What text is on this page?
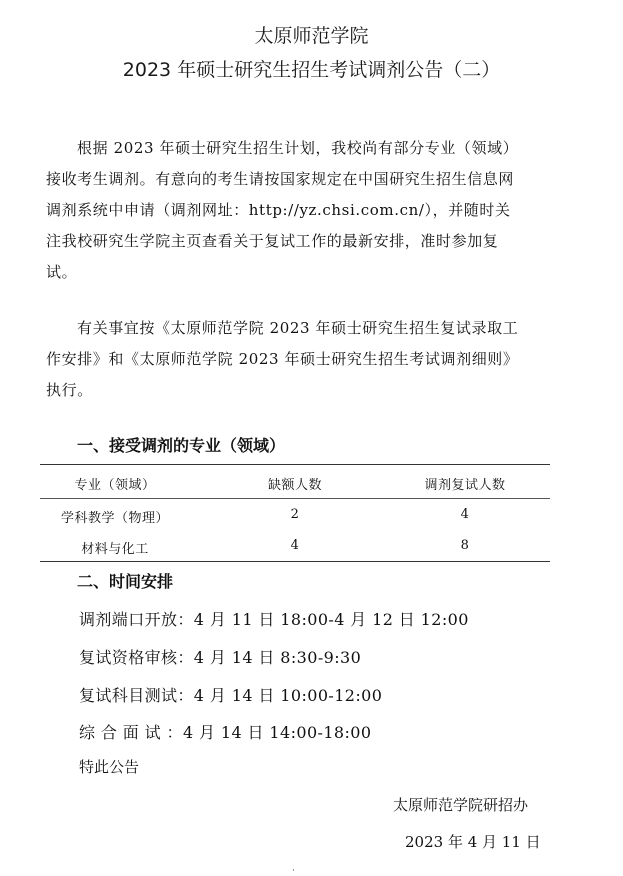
太原师范学院
2023 年硕士研究生招生考试调剂公告（二）
根据 2023 年硕士研究生招生计划，我校尚有部分专业（领域）
接收考生调剂。有意向的考生请按国家规定在中国研究生招生信息网
调剂系统中申请（调剂网址：http://yz.chsi.com.cn/），并随时关
注我校研究生学院主页查看关于复试工作的最新安排，准时参加复
试。
有关事宜按《太原师范学院 2023 年硕士研究生招生复试录取工
作安排》和《太原师范学院 2023 年硕士研究生招生考试调剂细则》
执行。
一、接受调剂的专业（领域）
专业（领域）	缺额人数	调剂复试人数
学科教学（物理）	2	4
材料与化工	4	8
二、时间安排
调剂端口开放：4 月 11 日 18:00-4 月 12 日 12:00
复试资格审核：4 月 14 日 8:30-9:30
复试科目测试：4 月 14 日 10:00-12:00
综 合 面 试 ：4 月 14 日 14:00-18:00
特此公告
太原师范学院研招办
2023 年 4 月 11 日
·
